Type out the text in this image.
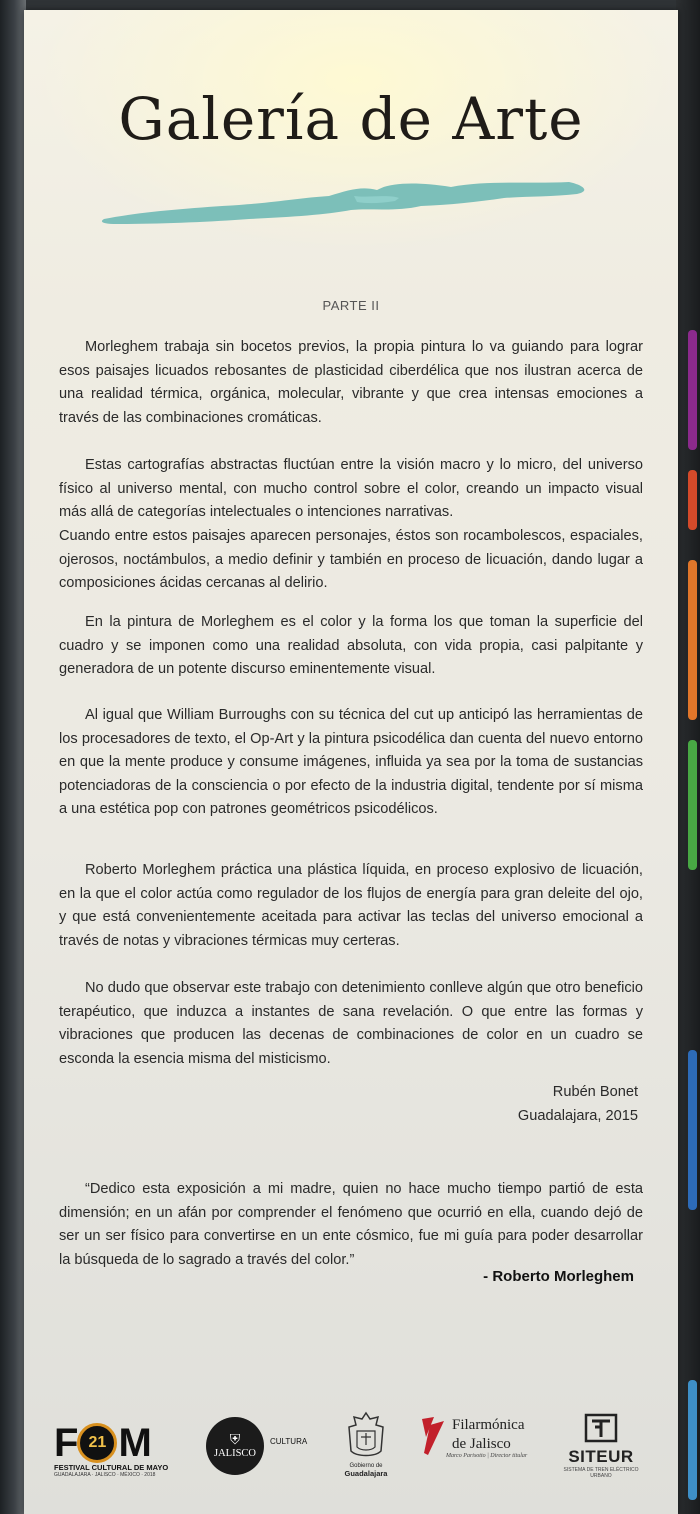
Galería de Arte
PARTE II

Morleghem trabaja sin bocetos previos, la propia pintura lo va guiando para lograr esos paisajes licuados rebosantes de plasticidad ciberdélica que nos ilustran acerca de una realidad térmica, orgánica, molecular, vibrante y que crea intensas emociones a través de las combinaciones cromáticas.

Estas cartografías abstractas fluctúan entre la visión macro y lo micro, del universo físico al universo mental, con mucho control sobre el color, creando un impacto visual más allá de categorías intelectuales o intenciones narrativas.

Cuando entre estos paisajes aparecen personajes, éstos son rocambolescos, espaciales, ojerosos, noctámbulos, a medio definir y también en proceso de licuación, dando lugar a composiciones ácidas cercanas al delirio.

En la pintura de Morleghem es el color y la forma los que toman la superficie del cuadro y se imponen como una realidad absoluta, con vida propia, casi palpitante y generadora de un potente discurso eminentemente visual.

Al igual que William Burroughs con su técnica del cut up anticipó las herramientas de los procesadores de texto, el Op-Art y la pintura psicodélica dan cuenta del nuevo entorno en que la mente produce y consume imágenes, influida ya sea por la toma de sustancias potenciadoras de la consciencia o por efecto de la industria digital, tendente por sí misma a una estética pop con patrones geométricos psicodélicos.

Roberto Morleghem práctica una plástica líquida, en proceso explosivo de licuación, en la que el color actúa como regulador de los flujos de energía para gran deleite del ojo, y que está convenientemente aceitada para activar las teclas del universo emocional a través de notas y vibraciones térmicas muy certeras.

No dudo que observar este trabajo con detenimiento conlleve algún que otro beneficio terapéutico, que induzca a instantes de sana revelación. O que entre las formas y vibraciones que producen las decenas de combinaciones de color en un cuadro se esconda la esencia misma del misticismo.

Rubén Bonet
Guadalajara, 2015

“Dedico esta exposición a mi madre, quien no hace mucho tiempo partió de esta dimensión; en un afán por comprender el fenómeno que ocurrió en ella, cuando dejó de ser un ser físico para convertirse en un ente cósmico, fue mi guía para poder desarrollar la búsqueda de lo sagrado a través del color.”

- Roberto Morleghem
F 21 M
FESTIVAL CULTURAL DE MAYO
GUADALAJARA · JALISCO · MÉXICO · 2018
⛨
JALISCO
CULTURA
Gobierno de
Guadalajara
Filarmónica
de Jalisco
Marco Parisotto | Director titular	SITEUR
SISTEMA DE TREN ELÉCTRICO URBANO
